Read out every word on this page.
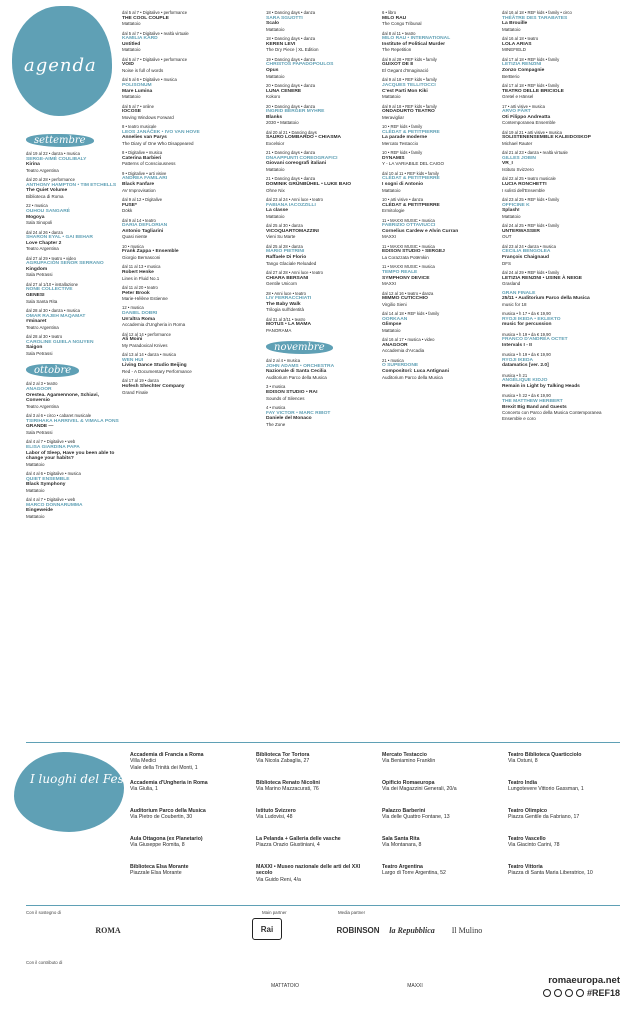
agenda
settembre
dal 19 al 22 • danza • musica
SERGE-AIMÉ COULIBALY
Kirina
Teatro Argentina
dal 20 al 28 • performance
ANTHONY HAMPTON • TIM ETCHELLS
The Quiet Volume
Biblioteca di Roma
22 • musica
OUHOU SANGARÉ
Mogoya
Sala Sinopoli
dal 24 al 26 • danza
SHARON EYAL • GAI BEHAR
Love Chapter 2
Teatro Argentina
dal 27 al 29 • teatro • video
AGRUPACIÓN SEÑOR SERRANO
Kingdom
Sala Petrassi
dal 27 al 1/10 • installazione
NONE COLLECTIVE
GENESI
Sala Santa Rita
dal 28 al 30 • danza • musica
OMAR RAJEH MAQAMAT
#minaret
Teatro Argentina
dal 28 al 30 • teatro
CAROLINE GUIELA NGUYEN
Saigon
Sala Petrassi
ottobre
dal 2 al 3 • teatro
ANAGOOR
Orestea. Agamennone, Schiavi, Conversio
Teatro Argentina
dal 3 al 6 • circo • cabaret musicale
TSIRIHAKA HARRIVEL & VIMALA PONS
GRANDE —
Sala Petrassi
dal 4 al 7 • Digitalive • web
ELISA GIARDINA PAPA
Labor of Sleep, Have you been able to change your habits?
Mattatoio
dal 4 al 6 • Digitalive • musica
QUIET ENSEMBLE
Black Symphony
Mattatoio
dal 4 al 7 • Digitalive • web
MARCO DONNARUMMA
Eingeweide
Mattatoio
dal 5 al 7 • Digitalive • performance
THE COOL COUPLE
Mattatoio
dal 5 al 7 • Digitalive • realtà virtuale
KAMILIA KARD
Untitled
Mattatoio
dal 5 al 7 • Digitalive • performance
VOID
Noise is full of words
dal 5 al 6 • Digitalive • musica
POLISONUM
Mare Lumina
Mattatoio
dal 5 al 7 • online
IOCOSE
Moving Windows Forward
8 • teatro musicale
LEOS JANÁČEK • IVO VAN HOVE
Annelies van Parys
The Diary of One Who Disappeared
8 • Digitalive • musica
Caterina Barbieri
Patterns of Consciousness
9 • Digitalive • arti visive
ANDREA FAMILARI
Black Fanfare
AV Improvisation
dal 9 al 12 • Digitalive
FUSE*
Dökk
dal 9 al 14 • teatro
DARIA DEFLORIAN
Antonio Tagliarini
Quasi niente
10 • musica
Frank Zappa • Ensemble
Giorgio Bernasconi
dal 11 al 13 • musica
Robert Henke
Lines in Fluid No.1
dal 11 al 20 • teatro
Peter Brook
Marie-Hélène Estienne
12 • musica
DANIEL DOBRI
Un'altra Roma
Accademia d'Ungheria in Roma
dal 12 al 14 • performance
Ali Moini
My Paradoxical Knives
dal 13 al 14 • danza • musica
WEN HUI
Living Dance Studio Beijing
Red - A Documentary Performance
dal 17 al 19 • danza
Hofesh Shechter Company
Grand Finale
18 • Dancing days • danza
SARA SGUOTTI
Scalo
Mattatoio
18 • Dancing days • danza
KEREN LEVI
The Dry Piece | XL Edition
19 • Dancing days • danza
CHRISTOS PAPADOPOULOS
Opus
Mattatoio
20 • Dancing days • danza
LUNA CENERE
Kokoro
20 • Dancing days • danza
INGRID BERGER MYHRE
Blanks
2030 • Mattatoio
dal 20 al 21 • Dancing days
SAURO LOMBARDO • CHIASMA
Excelsior
21 • Dancing days • danza
DNAAPPUNTI COREOGRAFICI
Giovani coreografi italiani
Mattatoio
21 • Dancing days • danza
DOMINIK GRÜNBÜHEL • LUKE BAIO
Ohne Nix
dal 23 al 24 • Anni luce • teatro
FABIANA IACOZZILLI
La classe
Mattatoio
dal 25 al 30 • danza
VICOQUARTOMAZZINI
Vieni Su Marte
dal 25 al 28 • danza
MARIO PIETRINI
Raffaele Di Florio
Tango Glaciale Reloaded
dal 27 al 28 • Anni luce • teatro
CHIARA BERSANI
Gentile Unicorn
28 • Anni luce • teatro
LIV FERRACCHIATI
The Baby Walk
Trilogia sull'identità
dal 31 al 3/11 • teatro
MOTUS • LA MAMA
PANORAMA
novembre
dal 2 al 4 • musica
JOHN ADAMS • ORCHESTRA
Nazionale di Santa Cecilia
Auditorium Parco della Musica
3 • musica
EDISON STUDIO • RAI
Sounds of Silences
4 • musica
FAY VICTOR • MARC RIBOT
Daniele del Monaco
The Zone
6 • libro
MILO RAU
The Congo Tribunal
dal 8 al 11 • teatro
MILO RAU • INTERNATIONAL
Institute of Political Murder
The Repetition
dal 9 al 28 • REF kids • family
GUIXOT DE 8
El Gegant d'Imaginació
dal 9 al 18 • REF kids • family
JACQUES TELLITOCCI
C'est Parti Mon Kiki
Mattatoio
dal 9 al 18 • REF kids • family
ONDADURTO TEATRO
Meraviglia!
10 • REF kids • family
CLÉDAT & PETITPIERRE
La parade moderne
Mercato Testaccio
10 • REF kids • family
DYNAMIS
Y - LA VARIABILE DEL CAIGO
dal 10 al 11 • REF kids • family
CLÉDAT & PETITPIERRE
I sogni di Antonio
Mattatoio
10 • arti visive • danza
CLÉDAT & PETITPIERRE
Ermitologie
11 • MAXXI MUSIC • musica
FABRIZIO OTTAVIUCCI
Cornelius Cardew e Alvin Curran
MAXXI
11 • MAXXI MUSIC • musica
EDISON STUDIO • SERGEJ
La Corazzata Potëmkin
11 • MAXXI MUSIC • musica
TEMPO REALE
SYMPHONY DEVICE
MAXXI
dal 12 al 16 • teatro • danza
MIMMO CUTICCHIO
Virgilio Sieni
dal 14 al 18 • REF kids • family
OORKAAN
Glimpse
Mattatoio
dal 16 al 17 • musica • video
ANAGOOR
Accademia d'Arcadia
21 • musica
O SUPERDONE
Compositori: Luca Antignani
Auditorium Parco della Musica
dal 16 al 18 • REF kids • family • circo
THÉÂTRE DES TARABATES
La Brouille
Mattatoio
dal 16 al 18 • teatro
LOLA ARIAS
MINEFIELD
dal 17 al 18 • REF kids • family
LETIZIA RENZINI
Zonzo Compagnie
BerBerio
dal 17 al 18 • REF kids • family
TEATRO DELLE BRICIOLE
Gretel e Hänsel
17 • arti visive • musica
ARVO PÄRT
Oti Filippo Andreatta
Contemporanea Ensemble
dal 19 al 21 • arti visive • musica
SOLISTENENSEMBLE KALEIDOSKOP
Michael Rauter
dal 21 al 23 • danza • realtà virtuale
GILLES JOBIN
VR_I
Istituto Svizzero
dal 22 al 25 • teatro musicale
LUCIA RONCHETTI
I solisti dell'Ensemble
dal 23 al 25 • REF kids • family
OFFICINE K
Splash!
Mattatoio
dal 24 al 25 • REF kids • family
UNTERWASSER
OUT
dal 23 al 24 • danza • musica
CECILIA BENGOLEA
François Chaignaud
DFS
dal 24 al 29 • REF kids • family
LETIZIA RENZINI • USINE À NEIGE
Grasland
GRAN FINALE
25/11 • Auditorium Parco della Musica
music for 18
musica • h 17 • da € 19,90
RYOJI IKEDA • EKLEKTO
music for percussion
musica • h 19 • da € 19,90
FRANCO D'ANDREA OCTET
Intervals I - II
musica • h 19 • da € 19,90
RYOJI IKEDA
datamatics [ver. 2.0]
musica • h 21
ANGÉLIQUE KIDJO
Remain in Light by Talking Heads
musica • h 22 • da € 19,90
THE MATTHEW HERBERT
Brexit Big Band and Guests
Concerto con Parco della Musica Contemporanea Ensemble e coro
I luoghi del Festival
Accademia di Francia a Roma
Villa Medici
Viale della Trinità dei Monti, 1
Accademia d'Ungheria in Roma
Via Giulia, 1
Auditorium Parco della Musica
Via Pietro de Coubertin, 30
Aula Ottagona (ex Planetario)
Via Giuseppe Romita, 8
Biblioteca Elsa Morante
Piazzale Elsa Morante
Biblioteca Tor Tortora
Via Nicola Zabaglia, 27
Biblioteca Renato Nicolini
Via Marino Mazzacurati, 76
Istituto Svizzero
Via Ludovisi, 48
La Pelanda + Galleria delle vasche
Piazza Orazio Giustiniani, 4
MAXXI • Museo nazionale delle arti del XXI secolo
Via Guido Reni, 4/a
Mercato Testaccio
Via Beniamino Franklin
Opificio Romaeuropa
Via dei Magazzini Generali, 20/a
Palazzo Barberini
Via delle Quattro Fontane, 13
Sala Santa Rita
Via Montanara, 8
Teatro Argentina
Largo di Torre Argentina, 52
Teatro Biblioteca Quarticciolo
Via Ostuni, 8
Teatro India
Lungotevere Vittorio Gassman, 1
Teatro Olimpico
Piazza Gentile da Fabriano, 17
Teatro Vascello
Via Giacinto Carini, 78
Teatro Vittoria
Piazza di Santa Maria Liberatrice, 10
Con il sostegno di	Main partner	Media partner
Con il contributo di
ROMA	Rai	ROBINSON	la Repubblica	Il Mulino
MATTATOIO	MAXXI	romaeuropa.net
#REF18
